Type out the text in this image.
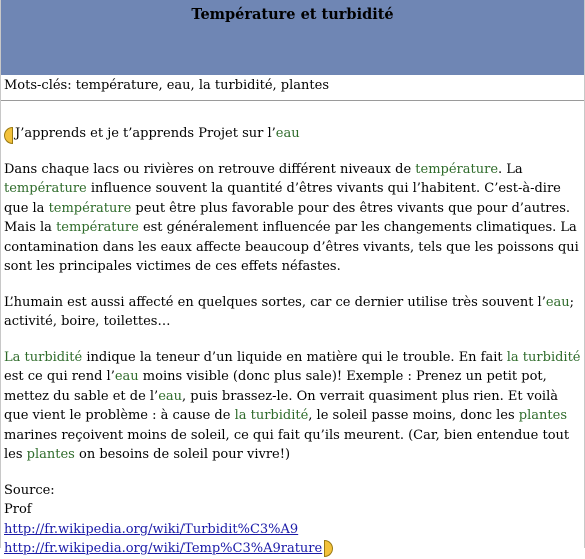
Température et turbidité
Mots-clés: température, eau, la turbidité, plantes
J’apprends et je t’apprends Projet sur l’eau

Dans chaque lacs ou rivières on retrouve différent niveaux de température. La température influence souvent la quantité d’êtres vivants qui l’habitent. C’est-à-dire que la température peut être plus favorable pour des êtres vivants que pour d’autres. Mais la température est généralement influencée par les changements climatiques. La contamination dans les eaux affecte beaucoup d’êtres vivants, tels que les poissons qui sont les principales victimes de ces effets néfastes.

L’humain est aussi affecté en quelques sortes, car ce dernier utilise très souvent l’eau; activité, boire, toilettes…

La turbidité indique la teneur d’un liquide en matière qui le trouble. En fait la turbidité est ce qui rend l’eau moins visible (donc plus sale)! Exemple : Prenez un petit pot, mettez du sable et de l’eau, puis brassez-le. On verrait quasiment plus rien. Et voilà que vient le problème : à cause de la turbidité, le soleil passe moins, donc les plantes marines reçoivent moins de soleil, ce qui fait qu’ils meurent. (Car, bien entendue tout les plantes on besoins de soleil pour vivre!)

Source:
Prof
http://fr.wikipedia.org/wiki/Turbidit%C3%A9
http://fr.wikipedia.org/wiki/Temp%C3%A9rature
